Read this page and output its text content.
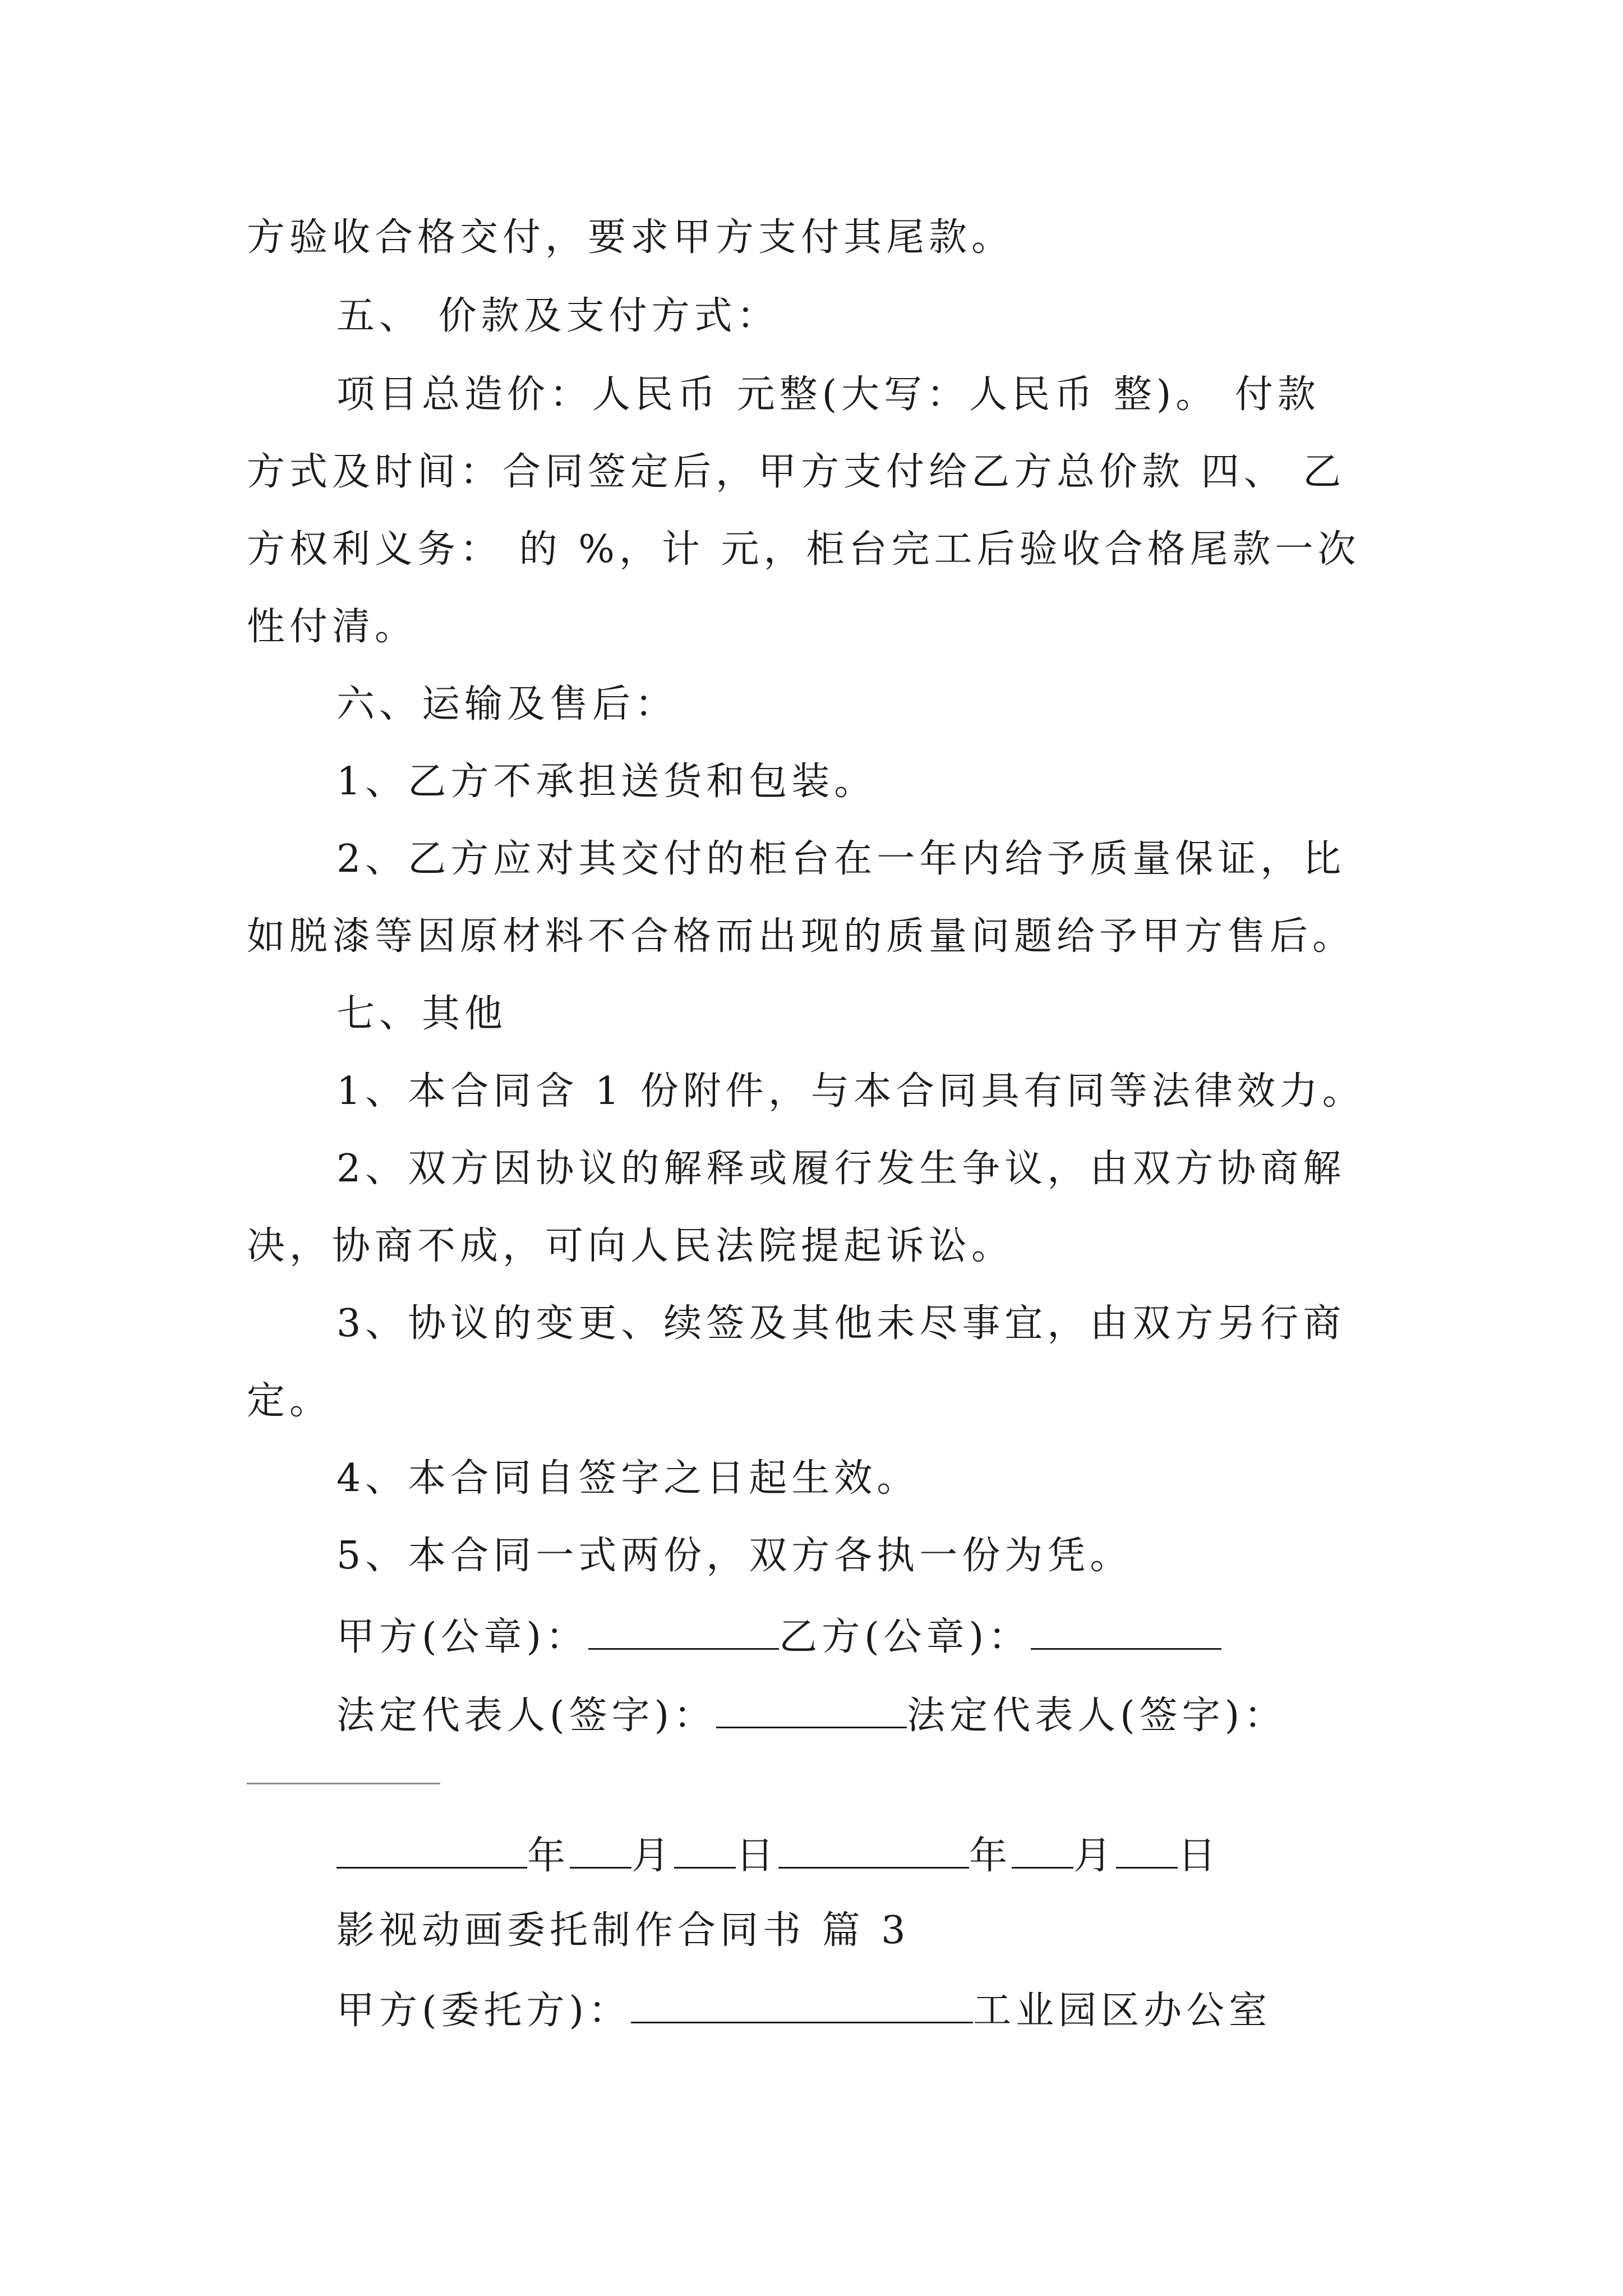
方验收合格交付，要求甲方支付其尾款。
五、 价款及支付方式：
项目总造价：人民币 元整(大写：人民币 整)。 付款
方式及时间：合同签定后，甲方支付给乙方总价款 四、 乙
方权利义务： 的 %，计 元，柜台完工后验收合格尾款一次
性付清。
六、运输及售后：
1、乙方不承担送货和包装。
2、乙方应对其交付的柜台在一年内给予质量保证，比
如脱漆等因原材料不合格而出现的质量问题给予甲方售后。
七、其他
1、本合同含 1 份附件，与本合同具有同等法律效力。
2、双方因协议的解释或履行发生争议，由双方协商解
决，协商不成，可向人民法院提起诉讼。
3、协议的变更、续签及其他未尽事宜，由双方另行商
定。
4、本合同自签字之日起生效。
5、本合同一式两份，双方各执一份为凭。
甲方(公章)：	乙方(公章)：
法定代表人(签字)：	法定代表人(签字)：
年 月 日	年 月 日
影视动画委托制作合同书 篇 3
甲方(委托方)：	工业园区办公室
